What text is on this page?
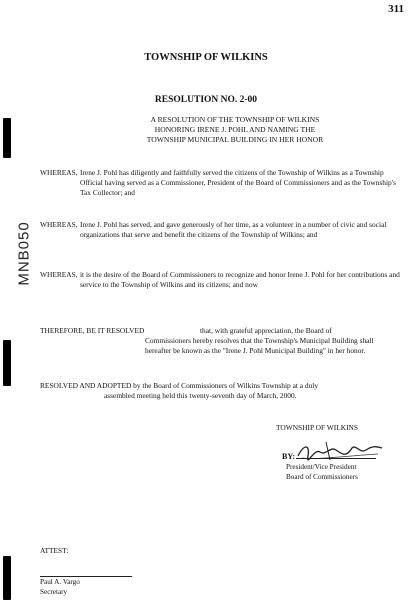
311
MNB050
TOWNSHIP OF WILKINS
RESOLUTION NO. 2-00
A RESOLUTION OF THE TOWNSHIP OF WILKINS
HONORING IRENE J. POHL AND NAMING THE
TOWNSHIP MUNICIPAL BUILDING IN HER HONOR
WHEREAS, Irene J. Pohl has diligently and faithfully served the citizens of the Township of Wilkins as a Township Official having served as a Commissioner, President of the Board of Commissioners and as the Township's Tax Collector; and
WHEREAS, Irene J. Pohl has served, and gave generously of her time, as a volunteer in a number of civic and social organizations that serve and benefit the citizens of the Township of Wilkins; and
WHEREAS, it is the desire of the Board of Commissioners to recognize and honor Irene J. Pohl for her contributions and service to the Township of Wilkins and its citizens; and now
THEREFORE, BE IT RESOLVED	that, with grateful appreciation, the Board of
Commissioners hereby resolves that the Township's Municipal Building shall hereafter be known as the "Irene J. Pohl Municipal Building" in her honor.
RESOLVED AND ADOPTED by the Board of Commissioners of Wilkins Township at a duly
assembled meeting held this twenty-seventh day of March, 2000.
TOWNSHIP OF WILKINS
BY:
President/Vice President
Board of Commissioners
ATTEST:
Paul A. Vargo
Secretary
